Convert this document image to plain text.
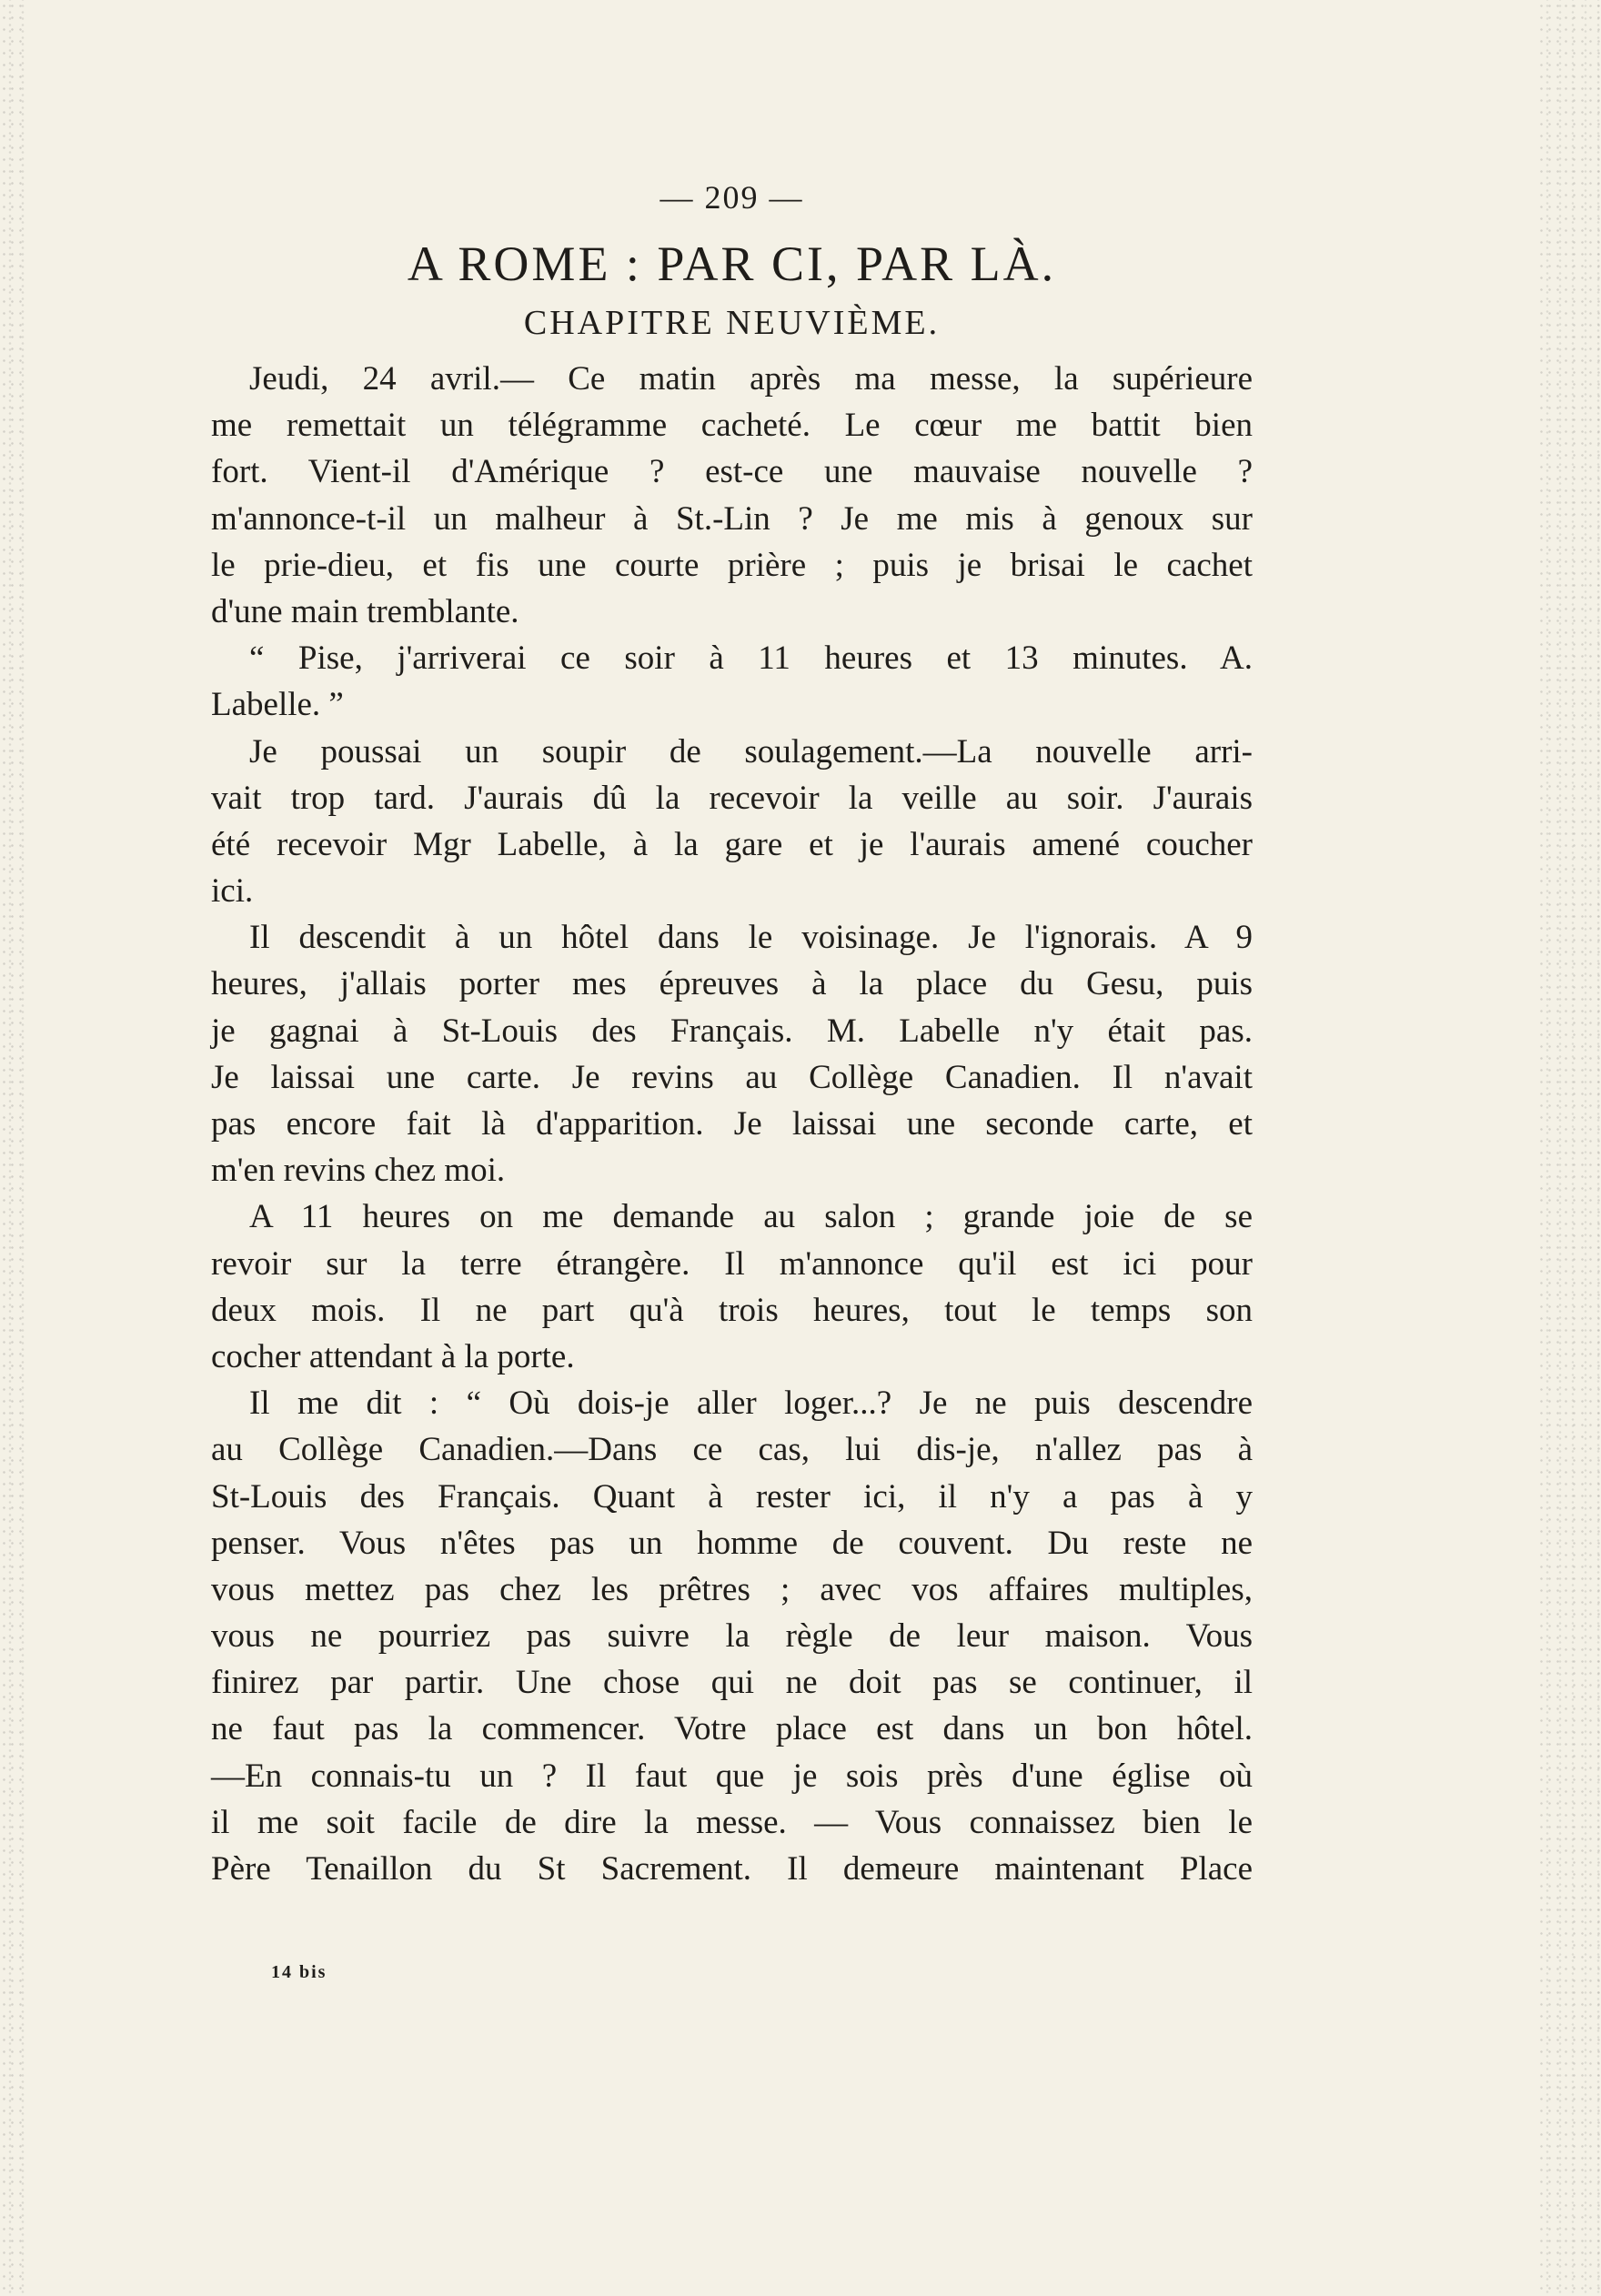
— 209 —
A ROME : PAR CI, PAR LÀ.
CHAPITRE NEUVIÈME.
Jeudi, 24 avril.— Ce matin après ma messe, la supérieure
me remettait un télégramme cacheté. Le cœur me battit bien
fort. Vient-il d'Amérique ? est-ce une mauvaise nouvelle ?
m'annonce-t-il un malheur à St.-Lin ? Je me mis à genoux sur
le prie-dieu, et fis une courte prière ; puis je brisai le cachet
d'une main tremblante.
“ Pise, j'arriverai ce soir à 11 heures et 13 minutes. A.
Labelle. ”
Je poussai un soupir de soulagement.—La nouvelle arri-
vait trop tard. J'aurais dû la recevoir la veille au soir. J'aurais
été recevoir Mgr Labelle, à la gare et je l'aurais amené coucher
ici.
Il descendit à un hôtel dans le voisinage. Je l'ignorais. A 9
heures, j'allais porter mes épreuves à la place du Gesu, puis
je gagnai à St-Louis des Français. M. Labelle n'y était pas.
Je laissai une carte. Je revins au Collège Canadien. Il n'avait
pas encore fait là d'apparition. Je laissai une seconde carte, et
m'en revins chez moi.
A 11 heures on me demande au salon ; grande joie de se
revoir sur la terre étrangère. Il m'annonce qu'il est ici pour
deux mois. Il ne part qu'à trois heures, tout le temps son
cocher attendant à la porte.
Il me dit : “ Où dois-je aller loger...? Je ne puis descendre
au Collège Canadien.—Dans ce cas, lui dis-je, n'allez pas à
St-Louis des Français. Quant à rester ici, il n'y a pas à y
penser. Vous n'êtes pas un homme de couvent. Du reste ne
vous mettez pas chez les prêtres ; avec vos affaires multiples,
vous ne pourriez pas suivre la règle de leur maison. Vous
finirez par partir. Une chose qui ne doit pas se continuer, il
ne faut pas la commencer. Votre place est dans un bon hôtel.
—En connais-tu un ? Il faut que je sois près d'une église où
il me soit facile de dire la messe. — Vous connaissez bien le
Père Tenaillon du St Sacrement. Il demeure maintenant Place
14 bis
